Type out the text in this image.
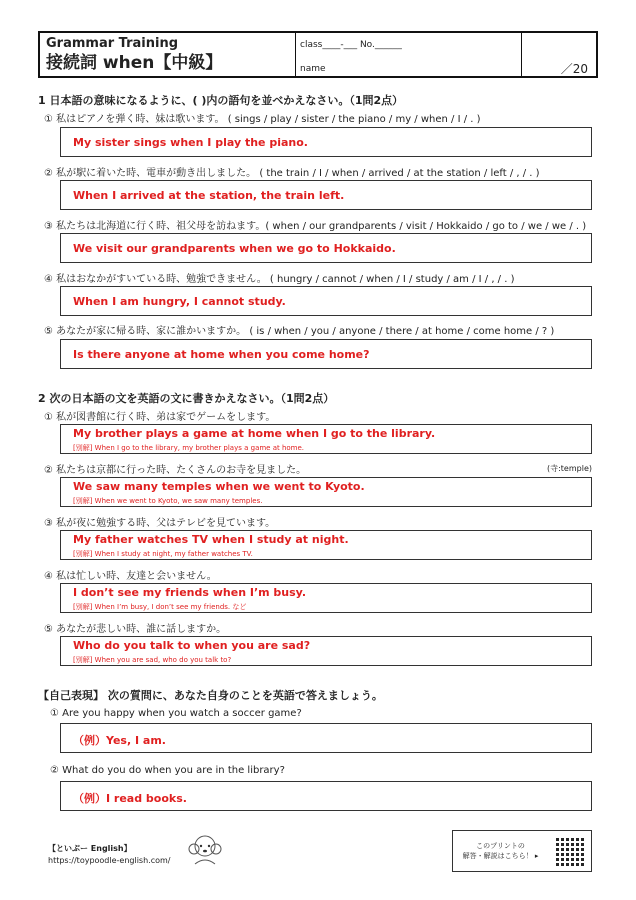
Grammar Training
接続詞 when【中級】
class____-___ No.______
name	／20
1 日本語の意味になるように、( )内の語句を並べかえなさい。（1問2点）
① 私はピアノを弾く時、妹は歌います。 ( sings / play / sister / the piano / my / when / I / . )
My sister sings when I play the piano.
② 私が駅に着いた時、電車が動き出しました。 ( the train / I / when / arrived / at the station / left / , / . )
When I arrived at the station, the train left.
③ 私たちは北海道に行く時、祖父母を訪ねます。( when / our grandparents / visit / Hokkaido / go to / we / we / . )
We visit our grandparents when we go to Hokkaido.
④ 私はおなかがすいている時、勉強できません。 ( hungry / cannot / when / I / study / am / I / , / . )
When I am hungry, I cannot study.
⑤ あなたが家に帰る時、家に誰かいますか。 ( is / when / you / anyone / there / at home / come home / ? )
Is there anyone at home when you come home?
2 次の日本語の文を英語の文に書きかえなさい。（1問2点）
① 私が図書館に行く時、弟は家でゲームをします。
My brother plays a game at home when I go to the library.
[別解] When I go to the library, my brother plays a game at home.
② 私たちは京都に行った時、たくさんのお寺を見ました。	(寺:temple)
We saw many temples when we went to Kyoto.
[別解] When we went to Kyoto, we saw many temples.
③ 私が夜に勉強する時、父はテレビを見ています。
My father watches TV when I study at night.
[別解] When I study at night, my father watches TV.
④ 私は忙しい時、友達と会いません。
I don’t see my friends when I’m busy.
[別解] When I’m busy, I don’t see my friends. など
⑤ あなたが悲しい時、誰に話しますか。
Who do you talk to when you are sad?
[別解] When you are sad, who do you talk to?
【自己表現】 次の質問に、あなた自身のことを英語で答えましょう。
① Are you happy when you watch a soccer game?
（例）Yes, I am.
② What do you do when you are in the library?
（例）I read books.
【といぷー English】
https://toypoodle-english.com/
このプリントの
解答・解説はこちら！ ▸
